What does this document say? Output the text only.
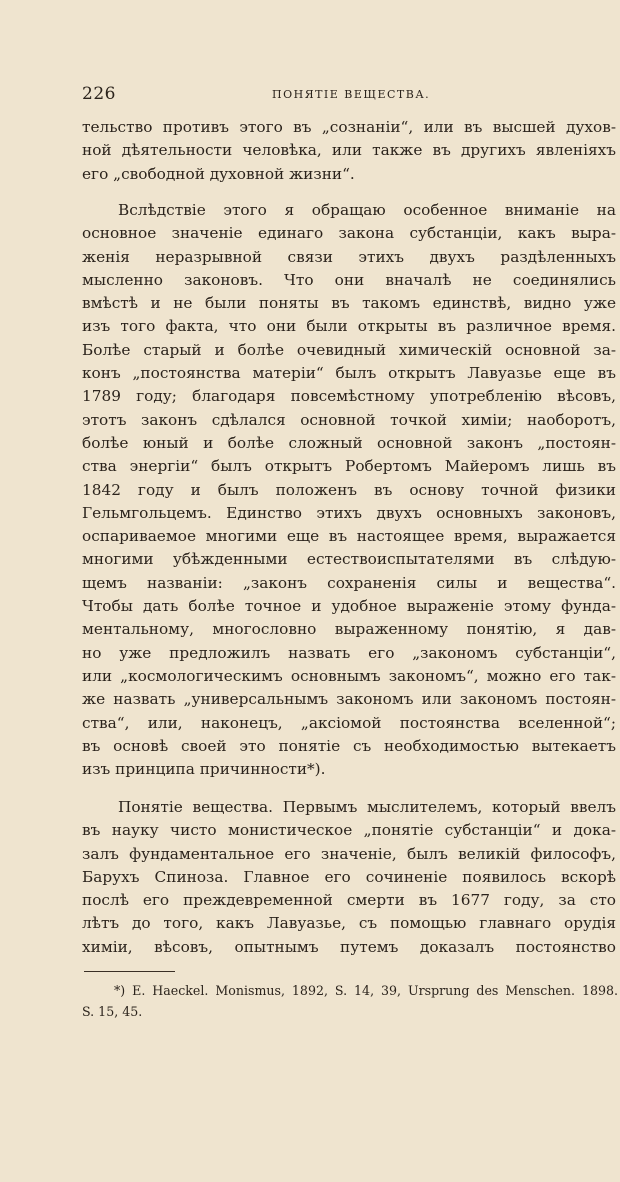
226	ПОНЯТІЕ ВЕЩЕСТВА.
тельство противъ этого въ „сознаніи“, или въ высшей духов-
ной дѣятельности человѣка, или также въ другихъ явленіяхъ
его „свободной духовной жизни“.
Вслѣдствіе этого я обращаю особенное вниманіе на
основное значеніе единаго закона субстанціи, какъ выра-
женія неразрывной связи этихъ двухъ раздѣленныхъ
мысленно законовъ. Что они вначалѣ не соединялись
вмѣстѣ и не были поняты въ такомъ единствѣ, видно уже
изъ того факта, что они были открыты въ различное время.
Болѣе старый и болѣе очевидный химическій основной за-
конъ „постоянства матеріи“ былъ открытъ Лавуазье еще въ
1789 году; благодаря повсемѣстному употребленію вѣсовъ,
этотъ законъ сдѣлался основной точкой химіи; наоборотъ,
болѣе юный и болѣе сложный основной законъ „постоян-
ства энергіи“ былъ открытъ Робертомъ Майеромъ лишь въ
1842 году и былъ положенъ въ основу точной физики
Гельмгольцемъ. Единство этихъ двухъ основныхъ законовъ,
оспариваемое многими еще въ настоящее время, выражается
многими убѣжденными естествоиспытателями въ слѣдую-
щемъ названіи: „законъ сохраненія силы и вещества“.
Чтобы дать болѣе точное и удобное выраженіе этому фунда-
ментальному, многословно выраженному понятію, я дав-
но уже предложилъ назвать его „закономъ субстанціи“,
или „космологическимъ основнымъ закономъ“, можно его так-
же назвать „универсальнымъ закономъ или закономъ постоян-
ства“, или, наконецъ, „аксіомой постоянства вселенной“;
въ основѣ своей это понятіе съ необходимостью вытекаетъ
изъ принципа причинности*).
Понятіе вещества. Первымъ мыслителемъ, который ввелъ
въ науку чисто монистическое „понятіе субстанціи“ и дока-
залъ фундаментальное его значеніе, былъ великій философъ,
Барухъ Спиноза. Главное его сочиненіе появилось вскорѣ
послѣ его преждевременной смерти въ 1677 году, за сто
лѣтъ до того, какъ Лавуазье, съ помощью главнаго орудія
химіи, вѣсовъ, опытнымъ путемъ доказалъ постоянство
*) E. Haeckel. Monismus, 1892, S. 14, 39, Ursprung des Menschen. 1898.
S. 15, 45.
